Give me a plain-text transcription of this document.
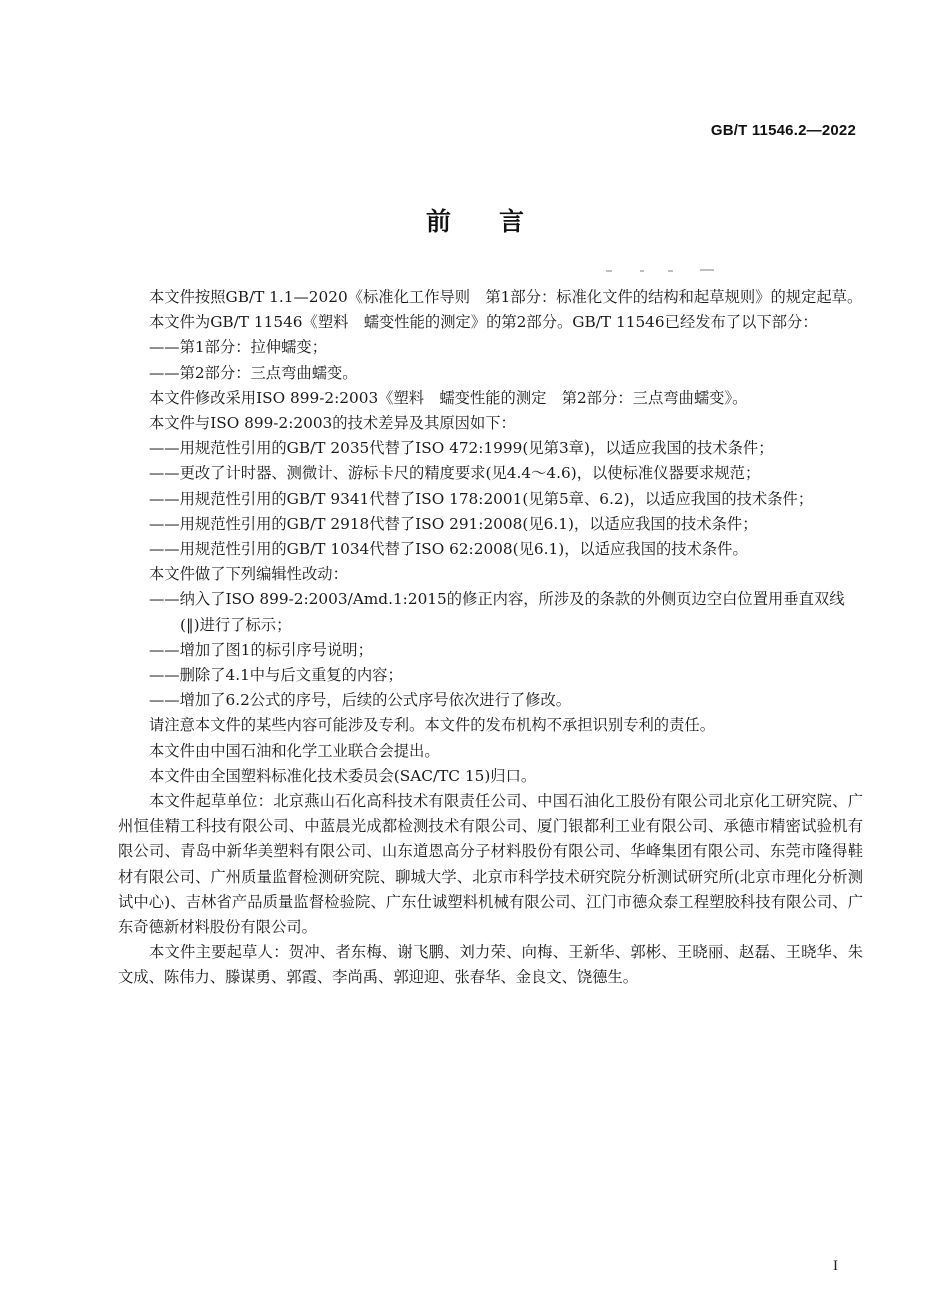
GB/T 11546.2—2022
前言

本文件按照GB/T 1.1—2020《标准化工作导则　第1部分：标准化文件的结构和起草规则》的规定起草。

本文件为GB/T 11546《塑料　蠕变性能的测定》的第2部分。GB/T 11546已经发布了以下部分：

——第1部分：拉伸蠕变；

——第2部分：三点弯曲蠕变。

本文件修改采用ISO 899-2:2003《塑料　蠕变性能的测定　第2部分：三点弯曲蠕变》。

本文件与ISO 899-2:2003的技术差异及其原因如下：

——用规范性引用的GB/T 2035代替了ISO 472:1999(见第3章)，以适应我国的技术条件；

——更改了计时器、测微计、游标卡尺的精度要求(见4.4～4.6)，以使标准仪器要求规范；

——用规范性引用的GB/T 9341代替了ISO 178:2001(见第5章、6.2)，以适应我国的技术条件；

——用规范性引用的GB/T 2918代替了ISO 291:2008(见6.1)，以适应我国的技术条件；

——用规范性引用的GB/T 1034代替了ISO 62:2008(见6.1)，以适应我国的技术条件。

本文件做了下列编辑性改动：

——纳入了ISO 899-2:2003/Amd.1:2015的修正内容，所涉及的条款的外侧页边空白位置用垂直双线(‖)进行了标示；

——增加了图1的标引序号说明；

——删除了4.1中与后文重复的内容；

——增加了6.2公式的序号，后续的公式序号依次进行了修改。

请注意本文件的某些内容可能涉及专利。本文件的发布机构不承担识别专利的责任。

本文件由中国石油和化学工业联合会提出。

本文件由全国塑料标准化技术委员会(SAC/TC 15)归口。

本文件起草单位：北京燕山石化高科技术有限责任公司、中国石油化工股份有限公司北京化工研究院、广州恒佳精工科技有限公司、中蓝晨光成都检测技术有限公司、厦门银都利工业有限公司、承德市精密试验机有限公司、青岛中新华美塑料有限公司、山东道恩高分子材料股份有限公司、华峰集团有限公司、东莞市隆得鞋材有限公司、广州质量监督检测研究院、聊城大学、北京市科学技术研究院分析测试研究所(北京市理化分析测试中心)、吉林省产品质量监督检验院、广东仕诚塑料机械有限公司、江门市德众泰工程塑胶科技有限公司、广东奇德新材料股份有限公司。

本文件主要起草人：贺冲、者东梅、谢飞鹏、刘力荣、向梅、王新华、郭彬、王晓丽、赵磊、王晓华、朱文成、陈伟力、滕谋勇、郭霞、李尚禹、郭迎迎、张春华、金良文、饶德生。

I
